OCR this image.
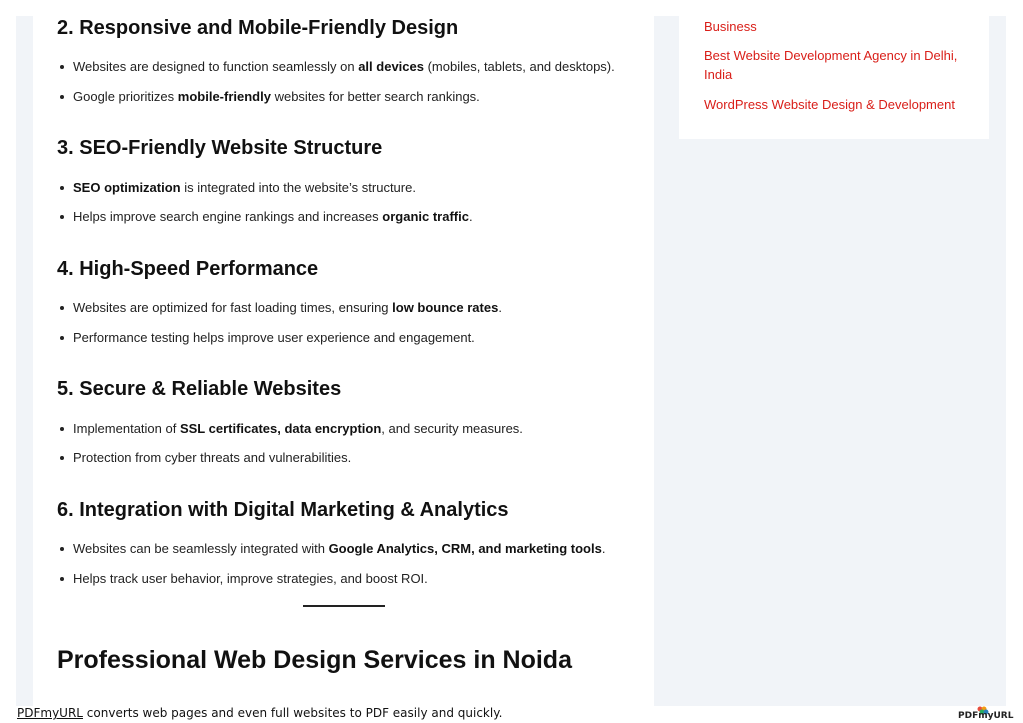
Business
Best Website Development Agency in Delhi, India
WordPress Website Design & Development
2. Responsive and Mobile-Friendly Design
Websites are designed to function seamlessly on all devices (mobiles, tablets, and desktops).
Google prioritizes mobile-friendly websites for better search rankings.
3. SEO-Friendly Website Structure
SEO optimization is integrated into the website’s structure.
Helps improve search engine rankings and increases organic traffic.
4. High-Speed Performance
Websites are optimized for fast loading times, ensuring low bounce rates.
Performance testing helps improve user experience and engagement.
5. Secure & Reliable Websites
Implementation of SSL certificates, data encryption, and security measures.
Protection from cyber threats and vulnerabilities.
6. Integration with Digital Marketing & Analytics
Websites can be seamlessly integrated with Google Analytics, CRM, and marketing tools.
Helps track user behavior, improve strategies, and boost ROI.
Professional Web Design Services in Noida
PDFmyURL converts web pages and even full websites to PDF easily and quickly.	PDFmyURL
